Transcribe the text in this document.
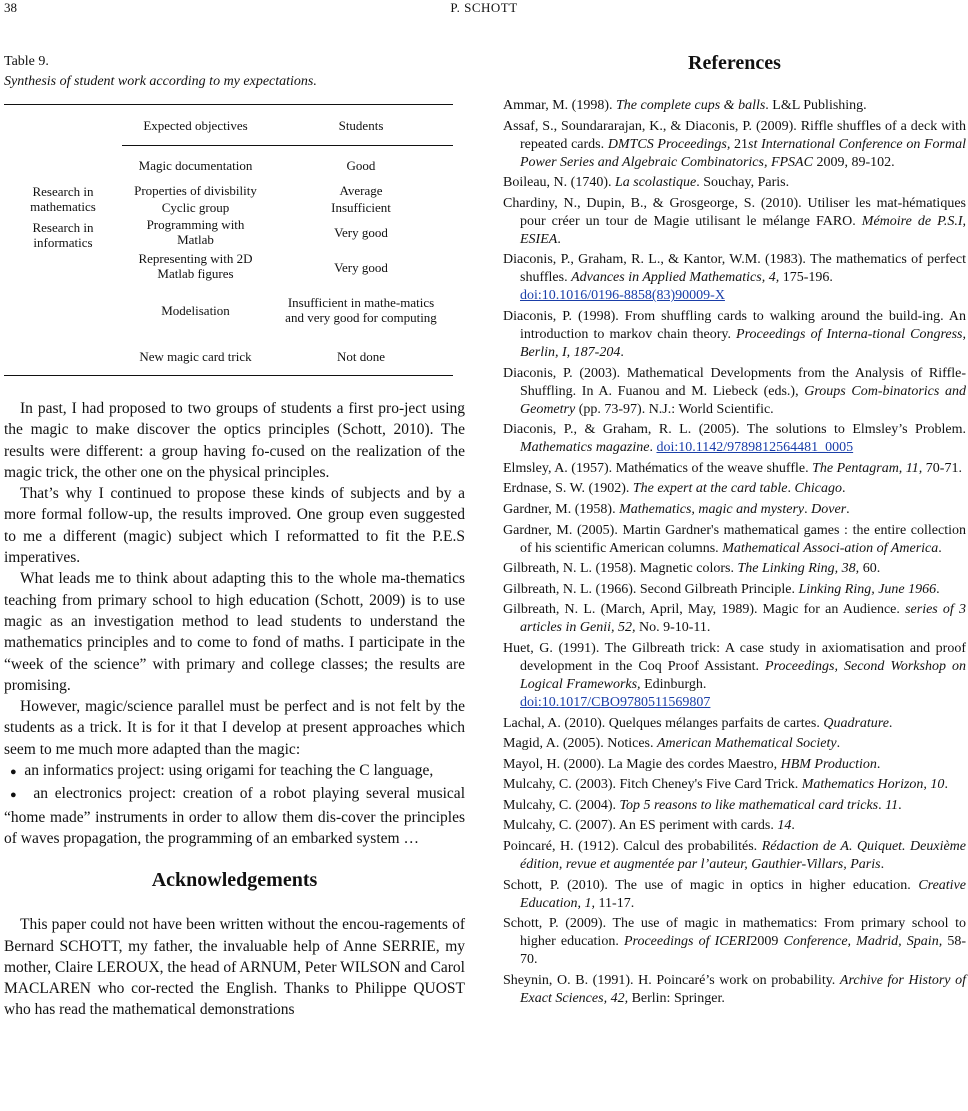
38	P. SCHOTT
Table 9.
Synthesis of student work according to my expectations.
	Expected objectives	Students
	Magic documentation	Good
Research in
mathematics	Properties of divisbility	Average
	Cyclic group	Insufficient
Research in
informatics	Programming with Matlab	Very good
	Representing with 2D Matlab figures	Very good
	Modelisation	Insufficient in mathe-matics and very good for computing
	New magic card trick	Not done

In past, I had proposed to two groups of students a first pro-ject using the magic to make discover the optics principles (Schott, 2010). The results were different: a group having fo-cused on the realization of the magic trick, the other one on the physical principles.

That’s why I continued to propose these kinds of subjects and by a more formal follow-up, the results improved. One group even suggested to me a different (magic) subject which I reformatted to fit the P.E.S imperatives.

What leads me to think about adapting this to the whole ma-thematics teaching from primary school to high education (Schott, 2009) is to use magic as an investigation method to lead students to understand the mathematics principles and to come to fond of maths. I participate in the “week of the science” with primary and college classes; the results are promising.

However, magic/science parallel must be perfect and is not felt by the students as a trick. It is for it that I develop at present approaches which seem to me much more adapted than the magic:

● an informatics project: using origami for teaching the C language,

● an electronics project: creation of a robot playing several musical “home made” instruments in order to allow them dis-cover the principles of waves propagation, the programming of an embarked system …

Acknowledgements

This paper could not have been written without the encou-ragements of Bernard SCHOTT, my father, the invaluable help of Anne SERRIE, my mother, Claire LEROUX, the head of ARNUM, Peter WILSON and Carol MACLAREN who cor-rected the English. Thanks to Philippe QUOST who has read the mathematical demonstrations

References
Ammar, M. (1998). The complete cups & balls. L&L Publishing.
Assaf, S., Soundararajan, K., & Diaconis, P. (2009). Riffle shuffles of a deck with repeated cards. DMTCS Proceedings, 21st International Conference on Formal Power Series and Algebraic Combinatorics, FPSAC 2009, 89-102.
Boileau, N. (1740). La scolastique. Souchay, Paris.
Chardiny, N., Dupin, B., & Grosgeorge, S. (2010). Utiliser les mat-hématiques pour créer un tour de Magie utilisant le mélange FARO. Mémoire de P.S.I, ESIEA.
Diaconis, P., Graham, R. L., & Kantor, W.M. (1983). The mathematics of perfect shuffles. Advances in Applied Mathematics, 4, 175-196.
doi:10.1016/0196-8858(83)90009-X
Diaconis, P. (1998). From shuffling cards to walking around the build-ing. An introduction to markov chain theory. Proceedings of Interna-tional Congress, Berlin, I, 187-204.
Diaconis, P. (2003). Mathematical Developments from the Analysis of Riffle-Shuffling. In A. Fuanou and M. Liebeck (eds.), Groups Com-binatorics and Geometry (pp. 73-97). N.J.: World Scientific.
Diaconis, P., & Graham, R. L. (2005). The solutions to Elmsley’s Problem. Mathematics magazine. doi:10.1142/9789812564481_0005
Elmsley, A. (1957). Mathématics of the weave shuffle. The Pentagram, 11, 70-71.
Erdnase, S. W. (1902). The expert at the card table. Chicago.
Gardner, M. (1958). Mathematics, magic and mystery. Dover.
Gardner, M. (2005). Martin Gardner's mathematical games : the entire collection of his scientific American columns. Mathematical Associ-ation of America.
Gilbreath, N. L. (1958). Magnetic colors. The Linking Ring, 38, 60.
Gilbreath, N. L. (1966). Second Gilbreath Principle. Linking Ring, June 1966.
Gilbreath, N. L. (March, April, May, 1989). Magic for an Audience. series of 3 articles in Genii, 52, No. 9-10-11.
Huet, G. (1991). The Gilbreath trick: A case study in axiomatisation and proof development in the Coq Proof Assistant. Proceedings, Second Workshop on Logical Frameworks, Edinburgh.
doi:10.1017/CBO9780511569807
Lachal, A. (2010). Quelques mélanges parfaits de cartes. Quadrature.
Magid, A. (2005). Notices. American Mathematical Society.
Mayol, H. (2000). La Magie des cordes Maestro, HBM Production.
Mulcahy, C. (2003). Fitch Cheney's Five Card Trick. Mathematics Horizon, 10.
Mulcahy, C. (2004). Top 5 reasons to like mathematical card tricks. 11.
Mulcahy, C. (2007). An ES periment with cards. 14.
Poincaré, H. (1912). Calcul des probabilités. Rédaction de A. Quiquet. Deuxième édition, revue et augmentée par l’auteur, Gauthier-Villars, Paris.
Schott, P. (2010). The use of magic in optics in higher education. Creative Education, 1, 11-17.
Schott, P. (2009). The use of magic in mathematics: From primary school to higher education. Proceedings of ICERI2009 Conference, Madrid, Spain, 58-70.
Sheynin, O. B. (1991). H. Poincaré’s work on probability. Archive for History of Exact Sciences, 42, Berlin: Springer.
